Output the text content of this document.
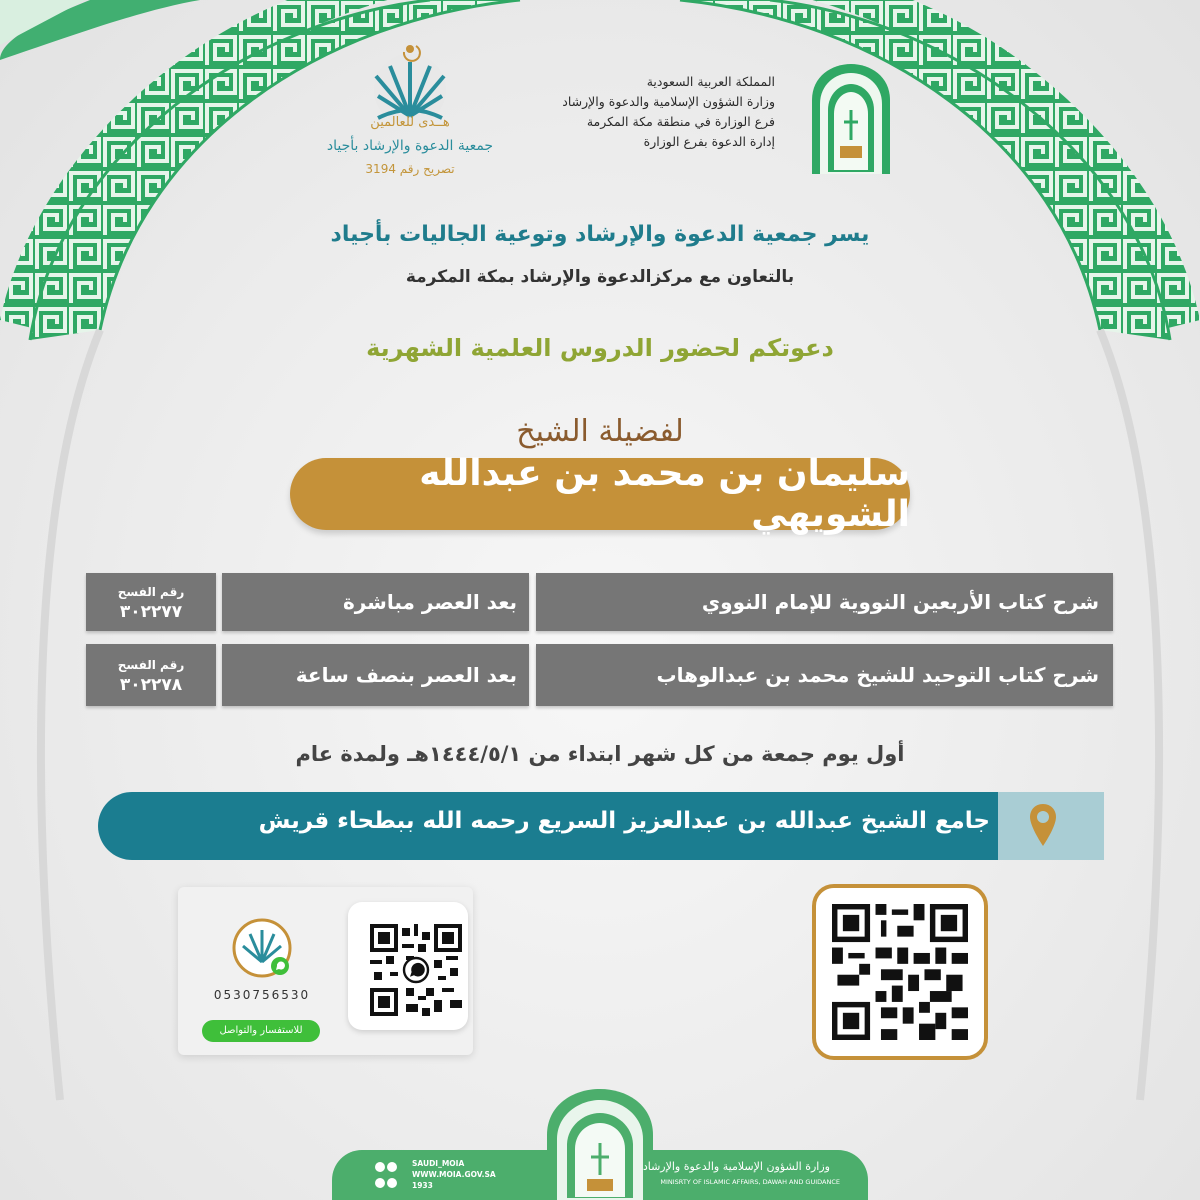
المملكة العربية السعودية
وزارة الشؤون الإسلامية والدعوة والإرشاد
فرع الوزارة في منطقة مكة المكرمة
إدارة الدعوة بفرع الوزارة
هــدى للعالمين
جمعية الدعوة والإرشاد بأجياد
تصريح رقم 3194
يسر جمعية الدعوة والإرشاد وتوعية الجاليات بأجياد
بالتعاون مع مركزالدعوة والإرشاد بمكة المكرمة
دعوتكم لحضور الدروس العلمية الشهرية
لفضيلة الشيخ
سليمان بن محمد بن عبدالله الشويهي
شرح كتاب الأربعين النووية للإمام النووي
بعد العصر مباشرة
رقم الفسح
٣٠٢٢٧٧
شرح كتاب التوحيد للشيخ محمد بن عبدالوهاب
بعد العصر بنصف ساعة
رقم الفسح
٣٠٢٢٧٨
أول يوم جمعة من كل شهر ابتداء من ١٤٤٤/٥/١هـ ولمدة عام
جامع الشيخ عبدالله بن عبدالعزيز السريع رحمه الله ببطحاء قريش
0530756530
للاستفسار والتواصل
SAUDI_MOIA
WWW.MOIA.GOV.SA
1933
وزارة الشؤون الإسلامية والدعوة والإرشاد
MINISRTY OF ISLAMIC AFFAIRS, DAWAH AND GUIDANCE
